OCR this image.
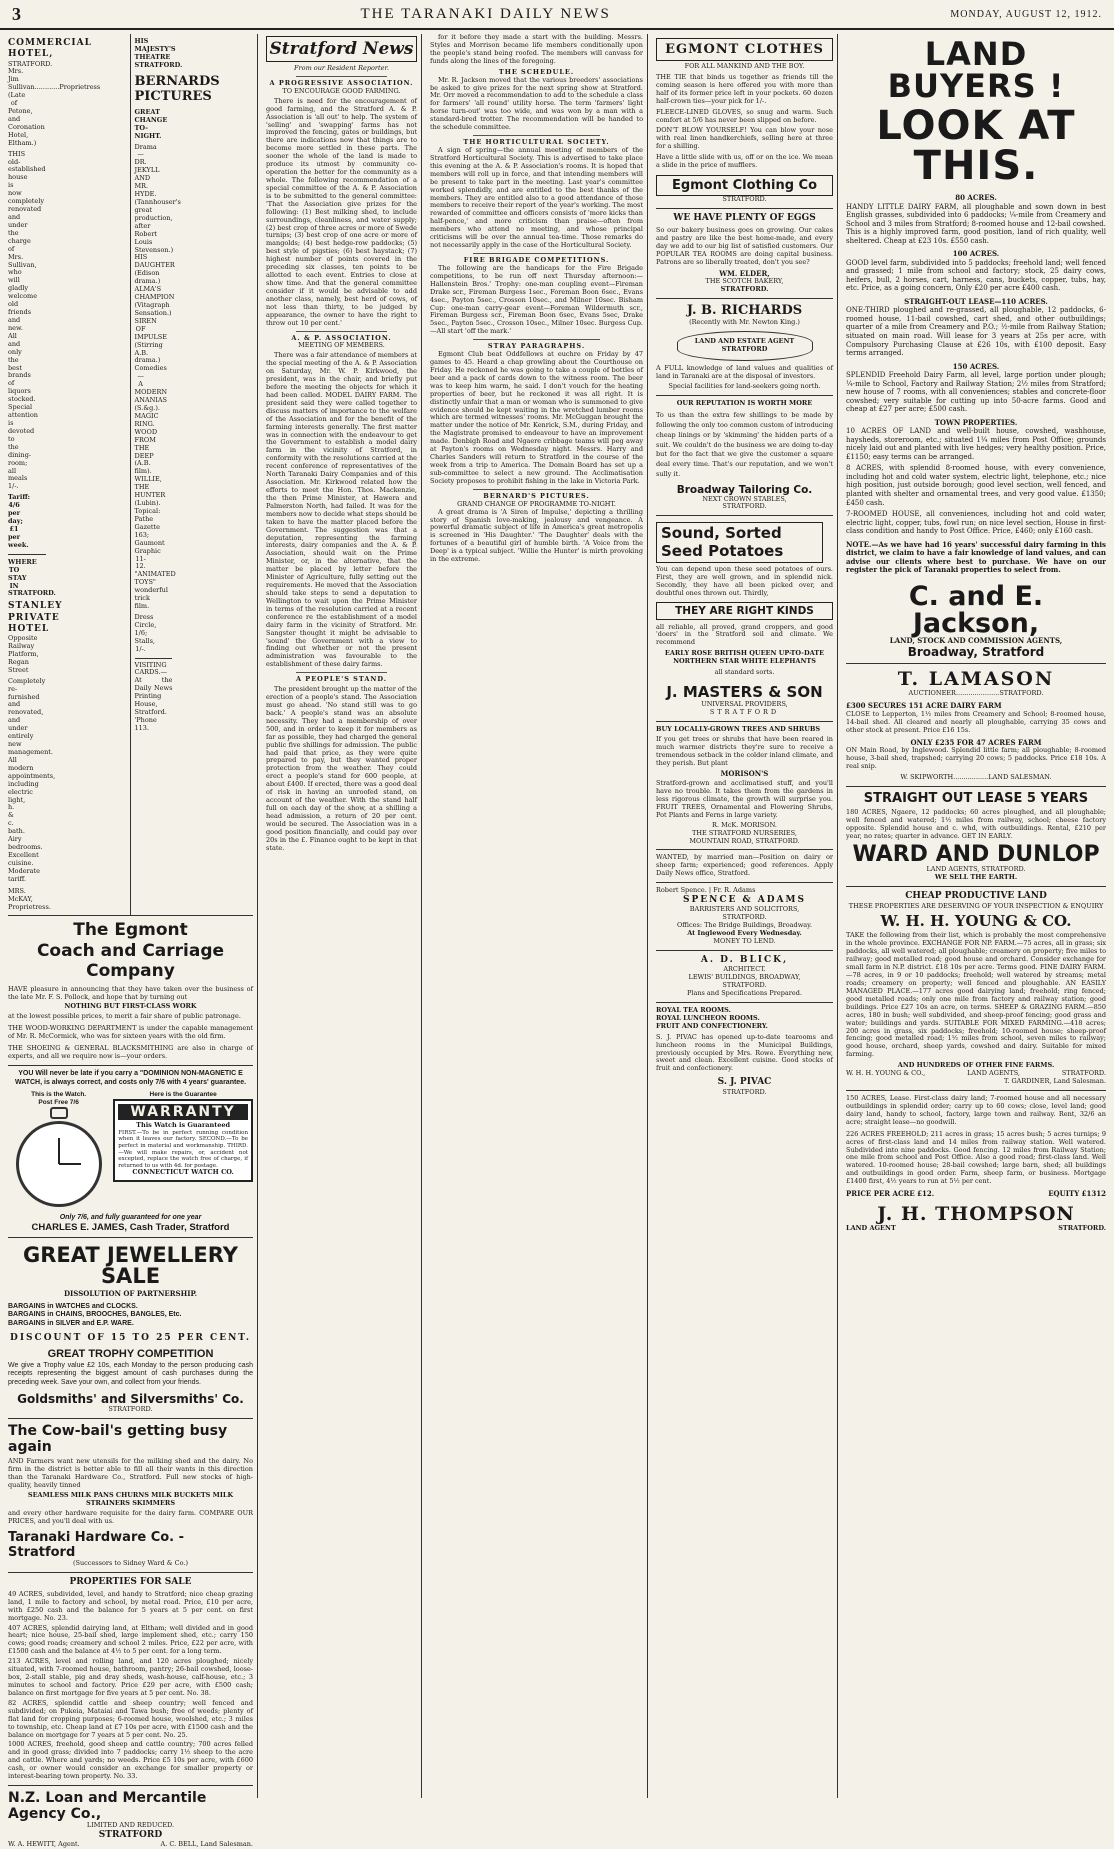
3	THE TARANAKI DAILY NEWS	MONDAY, AUGUST 12, 1912.
COMMERCIAL HOTEL,
STRATFORD.
Mrs. Jim Sullivan............Proprietress
(Late of Petone, and Coronation Hotel, Eltham.)
THIS old-established house is now completely renovated and under the charge of Mrs. Sullivan, who will gladly welcome old friends and new. All and only the best brands of liquors stocked. Special attention is devoted to the dining-room; all meals 1/-.
Tariff: 4/6 per day; £1 per week.
WHERE TO STAY IN STRATFORD.
STANLEY PRIVATE HOTEL
Opposite Railway Platform, Regan Street
Completely re-furnished and renovated, and under entirely new management. All modern appointments, including electric light, h. & c. bath. Airy bedrooms. Excellent cuisine. Moderate tariff.
MRS. McKAY, Proprietress.
HIS MAJESTY'S THEATRE STRATFORD.
BERNARDS PICTURES
GREAT CHANGE TO-NIGHT.
Drama— DR. JEKYLL AND MR. HYDE. (Tannhouser's great production, after Robert Louis Stevenson.) HIS DAUGHTER (Edison drama.) ALMA'S CHAMPION (Vitagraph Sensation.) SIREN OF IMPULSE (Stirring A.B. drama.) Comedies— A MODERN ANANIAS (S.&g.). MAGIC RING. WOOD FROM THE DEEP (A.B. film). WILLIE, THE HUNTER (Lubin). Topical: Pathe Gazette 163; Gaumont Graphic 11-12. "ANIMATED TOYS" wonderful trick film.
Dress Circle, 1/6; Stalls, 1/-.
VISITING CARDS.—At the Daily News Printing House, Stratford. 'Phone 113.
The Egmont
Coach and Carriage Company
HAVE pleasure in announcing that they have taken over the business of the late Mr. F. S. Pollock, and hope that by turning out
NOTHING BUT FIRST-CLASS WORK
at the lowest possible prices, to merit a fair share of public patronage.
THE WOOD-WORKING DEPARTMENT is under the capable management of Mr. R. McCormick, who was for sixteen years with the old firm.
THE SHOEING & GENERAL BLACKSMITHING are also in charge of experts, and all we require now is—your orders.
YOU Will never be late if you carry a "DOMINION NON-MAGNETIC E WATCH, is always correct, and costs only 7/6 with 4 years' guarantee.
This is the Watch.
Post Free 7/6
Here is the Guarantee
WARRANTY
This Watch is Guaranteed
FIRST.—To be in perfect running condition when it leaves our factory. SECOND.—To be perfect in material and workmanship. THIRD.—We will make repairs, or, accident not excepted, replace the watch free of charge, if returned to us with 4d. for postage.
CONNECTICUT WATCH CO.
Only 7/6, and fully guaranteed for one year
CHARLES E. JAMES, Cash Trader, Stratford
GREAT JEWELLERY SALE
DISSOLUTION OF PARTNERSHIP.
BARGAINS in WATCHES and CLOCKS.
BARGAINS in CHAINS, BROOCHES, BANGLES, Etc.
BARGAINS in SILVER and E.P. WARE.
DISCOUNT OF 15 TO 25 PER CENT.
GREAT TROPHY COMPETITION
We give a Trophy value £2 10s, each Monday to the person producing cash receipts representing the biggest amount of cash purchases during the preceding week. Save your own, and collect from your friends.
Goldsmiths' and Silversmiths' Co.
STRATFORD.
The Cow-bail's getting busy again
AND Farmers want new utensils for the milking shed and the dairy. No firm in the district is better able to fill all their wants in this direction than the Taranaki Hardware Co., Stratford. Full new stocks of high-quality, heavily tinned
SEAMLESS MILK PANS CHURNS MILK BUCKETS MILK STRAINERS SKIMMERS
and every other hardware requisite for the dairy farm. COMPARE OUR PRICES, and you'll deal with us.
Taranaki Hardware Co. - Stratford
(Successors to Sidney Ward & Co.)
PROPERTIES FOR SALE
49 ACRES, subdivided, level, and handy to Stratford; nice cheap grazing land, 1 mile to factory and school, by metal road. Price, £10 per acre, with £250 cash and the balance for 5 years at 5 per cent. on first mortgage. No. 23.
407 ACRES, splendid dairying land, at Eltham; well divided and in good heart; nice house, 25-bail shed, large implement shed, etc.; carry 150 cows; good roads; creamery and school 2 miles. Price, £22 per acre, with £1500 cash and the balance at 4½ to 5 per cent. for a long term.
213 ACRES, level and rolling land, and 120 acres ploughed; nicely situated, with 7-roomed house, bathroom, pantry; 26-bail cowshed, loose-box, 2-stall stable, pig and dray sheds, wash-house, calf-house, etc.; 3 minutes to school and factory. Price £29 per acre, with £500 cash; balance on first mortgage for five years at 5 per cent. No. 38.
82 ACRES, splendid cattle and sheep country; well fenced and subdivided; on Pukeia, Mataiai and Tawa bush; free of weeds; plenty of flat land for cropping purposes; 6-roomed house, woolshed, etc.; 3 miles to township, etc. Cheap land at £7 10s per acre, with £1500 cash and the balance on mortgage for 7 years at 5 per cent. No. 25.
1000 ACRES, freehold, good sheep and cattle country; 700 acres felled and in good grass; divided into 7 paddocks; carry 1½ sheep to the acre and cattle. Where and yards; no weeds. Price £5 10s per acre, with £600 cash, or owner would consider an exchange for smaller property or interest-bearing town property. No. 33.
N.Z. Loan and Mercantile Agency Co.,
LIMITED AND REDUCED.
STRATFORD
W. A. HEWITT, Agent.	A. C. BELL, Land Salesman.
Stratford News
From our Resident Reporter.
A PROGRESSIVE ASSOCIATION.
TO ENCOURAGE GOOD FARMING.
There is need for the encouragement of good farming, and the Stratford A. & P. Association is 'all out' to help. The system of 'selling' and 'swapping' farms has not improved the fencing, gates or buildings, but there are indications now that things are to become more settled in these parts. The sooner the whole of the land is made to produce its utmost by community co-operation the better for the community as a whole. The following recommendation of a special committee of the A. & P. Association is to be submitted to the general committee: 'That the Association give prizes for the following: (1) Best milking shed, to include surroundings, cleanliness, and water supply; (2) best crop of three acres or more of Swede turnips; (3) best crop of one acre or more of mangolds; (4) best hedge-row paddocks; (5) best style of pigsties; (6) best haystack; (7) highest number of points covered in the preceding six classes, ten points to be allotted to each event. Entries to close at show time. And that the general committee consider if it would be advisable to add another class, namely, best herd of cows, of not less than thirty, to be judged by appearance, the owner to have the right to throw out 10 per cent.'
A. & P. ASSOCIATION.
MEETING OF MEMBERS.
There was a fair attendance of members at the special meeting of the A. & P. Association on Saturday, Mr. W. P. Kirkwood, the president, was in the chair, and briefly put before the meeting the objects for which it had been called. MODEL DAIRY FARM. The president said they were called together to discuss matters of importance to the welfare of the Association and for the benefit of the farming interests generally. The first matter was in connection with the endeavour to get the Government to establish a model dairy farm in the vicinity of Stratford, in conformity with the resolutions carried at the recent conference of representatives of the North Taranaki Dairy Companies and of this Association. Mr. Kirkwood related how the efforts to meet the Hon. Thos. Mackenzie, the then Prime Minister, at Hawera and Palmerston North, had failed. It was for the members now to decide what steps should be taken to have the matter placed before the Government. The suggestion was that a deputation, representing the farming interests, dairy companies and the A. & P. Association, should wait on the Prime Minister, or, in the alternative, that the matter be placed by letter before the Minister of Agriculture, fully setting out the requirements. He moved that the Association should take steps to send a deputation to Wellington to wait upon the Prime Minister in terms of the resolution carried at a recent conference re the establishment of a model dairy farm in the vicinity of Stratford. Mr. Sangster thought it might be advisable to 'sound' the Government with a view to finding out whether or not the present administration was favourable to the establishment of these dairy farms.
A PEOPLE'S STAND.
The president brought up the matter of the erection of a people's stand. The Association must go ahead. 'No stand still was to go back.' A people's stand was an absolute necessity. They had a membership of over 500, and in order to keep it for members as far as possible, they had charged the general public five shillings for admission. The public had paid that price, as they were quite prepared to pay, but they wanted proper protection from the weather. They could erect a people's stand for 600 people, at about £400. If erected, there was a good deal of risk in having an unroofed stand, on account of the weather. With the stand half full on each day of the show, at a shilling a head admission, a return of 20 per cent. would be secured. The Association was in a good position financially, and could pay over 20s in the £. Finance ought to be kept in that state.
for it before they made a start with the building. Messrs. Styles and Morrison became life members conditionally upon the people's stand being roofed. The members will canvass for funds along the lines of the foregoing.
THE SCHEDULE.
Mr. R. Jackson moved that the various breeders' associations be asked to give prizes for the next spring show at Stratford. Mr. Orr moved a recommendation to add to the schedule a class for farmers' 'all round' utility horse. The term 'farmers' light horse turn-out' was too wide, and was won by a man with a standard-bred trotter. The recommendation will be handed to the schedule committee.
THE HORTICULTURAL SOCIETY.
A sign of spring—the annual meeting of members of the Stratford Horticultural Society. This is advertised to take place this evening at the A. & P. Association's rooms. It is hoped that members will roll up in force, and that intending members will be present to take part in the meeting. Last year's committee worked splendidly, and are entitled to the best thanks of the members. They are entitled also to a good attendance of those members to receive their report of the year's working. The most rewarded of committee and officers consists of 'more kicks than half-pence,' and more criticism than praise—often from members who attend no meeting, and whose principal criticisms will be over the annual tea-time. Those remarks do not necessarily apply in the case of the Horticultural Society.
FIRE BRIGADE COMPETITIONS.
The following are the handicaps for the Fire Brigade competitions, to be run off next Thursday afternoon:— Hallenstein Bros.' Trophy: one-man coupling event—Fireman Drake scr., Fireman Burgess 1sec., Foreman Boon 6sec., Evans 4sec., Payton 5sec., Crosson 10sec., and Milner 10sec. Bisham Cup: one-man carry-gear event—Foreman Wildermuth scr., Fireman Burgess scr., Fireman Boon 6sec, Evans 5sec, Drake 5sec., Payton 5sec., Crosson 10sec., Milner 10sec. Burgess Cup.—All start 'off the mark.'
STRAY PARAGRAPHS.
Egmont Club beat Oddfellows at euchre on Friday by 47 games to 45. Heard a chap growling about the Courthouse on Friday. He reckoned he was going to take a couple of bottles of beer and a pack of cards down to the witness room. The beer was to keep him warm, he said. I don't vouch for the heating properties of beer, but he reckoned it was all right. It is distinctly unfair that a man or woman who is summoned to give evidence should be kept waiting in the wretched lumber rooms which are termed witnesses' rooms. Mr. McGuggan brought the matter under the notice of Mr. Kenrick, S.M., during Friday, and the Magistrate promised to endeavour to have an improvement made. Denbigh Road and Ngaere cribbage teams will peg away at Payton's rooms on Wednesday night. Messrs. Harry and Charles Sanders will return to Stratford in the course of the week from a trip to America. The Domain Board has set up a sub-committee to select a new ground. The Acclimatisation Society proposes to prohibit fishing in the lake in Victoria Park.
BERNARD'S PICTURES.
GRAND CHANGE OF PROGRAMME TO-NIGHT.
A great drama is 'A Siren of Impulse,' depicting a thrilling story of Spanish love-making, jealousy and vengeance. A powerful dramatic subject of life in America's great metropolis is screened in 'His Daughter.' 'The Daughter' deals with the fortunes of a beautiful girl of humble birth. 'A Voice from the Deep' is a typical subject. 'Willie the Hunter' is mirth provoking in the extreme.
EGMONT CLOTHES
FOR ALL MANKIND AND THE BOY.
THE TIE that binds us together as friends till the coming season is here offered you with more than half of its former price left in your pockets. 60 dozen half-crown ties—your pick for 1/-.
FLEECE-LINED GLOVES, so snug and warm. Such comfort at 5/6 has never been slipped on before.
DON'T BLOW YOURSELF! You can blow your nose with real linen handkerchiefs, selling here at three for a shilling.
Have a little slide with us, off or on the ice. We mean a slide in the price of mufflers.
Egmont Clothing Co
STRATFORD.
WE HAVE PLENTY OF EGGS
So our bakery business goes on growing. Our cakes and pastry are like the best home-made, and every day we add to our big list of satisfied customers. Our POPULAR TEA ROOMS are doing capital business. Patrons are so liberally treated, don't you see?
WM. ELDER,
THE SCOTCH BAKERY,
STRATFORD.
J. B. RICHARDS
(Recently with Mr. Newton King.)
LAND AND ESTATE AGENT STRATFORD
A FULL knowledge of land values and qualities of land in Taranaki are at the disposal of investors.
Special facilities for land-seekers going north.
OUR REPUTATION IS WORTH MORE
To us than the extra few shillings to be made by following the only too common custom of introducing cheap linings or by 'skimming' the hidden parts of a suit. We couldn't do the business we are doing to-day but for the fact that we give the customer a square deal every time. That's our reputation, and we won't sully it.
Broadway Tailoring Co.
NEXT CROWN STABLES,
STRATFORD.
Sound, Sorted
Seed Potatoes
You can depend upon these seed potatoes of ours. First, they are well grown, and in splendid nick. Secondly, they have all been picked over, and doubtful ones thrown out. Thirdly,
THEY ARE RIGHT KINDS
all reliable, all proved, grand croppers, and good 'doers' in the Stratford soil and climate. We recommend
EARLY ROSE BRITISH QUEEN UP-TO-DATE NORTHERN STAR WHITE ELEPHANTS
all standard sorts.
J. MASTERS & SON
UNIVERSAL PROVIDERS,
STRATFORD
BUY LOCALLY-GROWN TREES AND SHRUBS
If you get trees or shrubs that have been reared in much warmer districts they're sure to receive a tremendous setback in the colder inland climate, and they perish. But plant
MORISON'S
Stratford-grown and acclimatised stuff, and you'll have no trouble. It takes them from the gardens in less rigorous climate, the growth will surprise you. FRUIT TREES, Ornamental and Flowering Shrubs, Pot Plants and Ferns in large variety.
R. McK. MORISON.
THE STRATFORD NURSERIES,
MOUNTAIN ROAD, STRATFORD.
WANTED, by married man—Position on dairy or sheep farm; experienced; good references. Apply Daily News office, Stratford.
Robert Spence. | Fr. R. Adams
SPENCE & ADAMS
BARRISTERS AND SOLICITORS,
STRATFORD.
Offices: The Bridge Buildings, Broadway.
At Inglewood Every Wednesday.
MONEY TO LEND.
A. D. BLICK,
ARCHITECT.
LEWIS' BUILDINGS, BROADWAY,
STRATFORD.
Plans and Specifications Prepared.
ROYAL TEA ROOMS.
ROYAL LUNCHEON ROOMS.
FRUIT AND CONFECTIONERY.
S. J. PIVAC has opened up-to-date tearooms and luncheon rooms in the Municipal Buildings, previously occupied by Mrs. Rowe. Everything new, sweet and clean. Excellent cuisine. Good stocks of fruit and confectionery.
S. J. PIVAC
STRATFORD.
LAND BUYERS !
LOOK AT THIS.
80 ACRES.
HANDY LITTLE DAIRY FARM, all ploughable and sown down in best English grasses, subdivided into 6 paddocks; ¼-mile from Creamery and School and 3 miles from Stratford; 8-roomed house and 12-bail cowshed. This is a highly improved farm, good position, land of rich quality, well sheltered. Cheap at £23 10s. £550 cash.
100 ACRES.
GOOD level farm, subdivided into 5 paddocks; freehold land; well fenced and grassed; 1 mile from school and factory; stock, 25 dairy cows, heifers, bull, 2 horses, cart, harness, cans, buckets, copper, tubs, hay, etc. Price, as a going concern, Only £20 per acre £400 cash.
STRAIGHT-OUT LEASE—110 ACRES.
ONE-THIRD ploughed and re-grassed, all ploughable, 12 paddocks, 6-roomed house, 11-bail cowshed, cart shed, and other outbuildings; quarter of a mile from Creamery and P.O.; ½-mile from Railway Station; situated on main road. Will lease for 3 years at 25s per acre, with Compulsory Purchasing Clause at £26 10s, with £100 deposit. Easy terms arranged.
150 ACRES.
SPLENDID Freehold Dairy Farm, all level, large portion under plough; ¼-mile to School, Factory and Railway Station; 2½ miles from Stratford; new house of 7 rooms, with all conveniences; stables and concrete-floor cowshed; very suitable for cutting up into 50-acre farms. Good and cheap at £27 per acre; £500 cash.
TOWN PROPERTIES.
10 ACRES OF LAND and well-built house, cowshed, washhouse, haysheds, storeroom, etc.; situated 1¼ miles from Post Office; grounds nicely laid out and planted with live hedges; very healthy position. Price, £1150; easy terms can be arranged.
8 ACRES, with splendid 8-roomed house, with every convenience, including hot and cold water system, electric light, telephone, etc.; nice high position, just outside borough; good level section, well fenced, and planted with shelter and ornamental trees, and very good value. £1350; £450 cash.
7-ROOMED HOUSE, all conveniences, including hot and cold water, electric light, copper, tubs, fowl run; on nice level section, House in first-class condition and handy to Post Office. Price, £460; only £160 cash.
NOTE.—As we have had 16 years' successful dairy farming in this district, we claim to have a fair knowledge of land values, and can advise our clients where best to purchase. We have on our register the pick of Taranaki properties to select from.
C. and E. Jackson,
LAND, STOCK AND COMMISSION AGENTS,
Broadway, Stratford
T. LAMASON
AUCTIONEER.....................STRATFORD.
£300 SECURES 151 ACRE DAIRY FARM
CLOSE to Lepperton, 1½ miles from Creamery and School; 8-roomed house, 14-bail shed. All cleared and nearly all ploughable, carrying 35 cows and other stock at present. Price £16 15s.
ONLY £235 FOR 47 ACRES FARM
ON Main Road, by Inglewood. Splendid little farm; all ploughable; 8-roomed house, 3-bail shed, trapshed; carrying 20 cows; 5 paddocks. Price £18 10s. A real snip.
W. SKIPWORTH.................LAND SALESMAN.
STRAIGHT OUT LEASE 5 YEARS
180 ACRES, Ngaere, 12 paddocks; 60 acres ploughed, and all ploughable; well fenced and watered; 1½ miles from railway, school; cheese factory opposite. Splendid house and c. whd, with outbuildings. Rental, £210 per year, no rates; quarter in advance. GET IN EARLY.
WARD AND DUNLOP
LAND AGENTS, STRATFORD.
WE SELL THE EARTH.
CHEAP PRODUCTIVE LAND
THESE PROPERTIES ARE DESERVING OF YOUR INSPECTION & ENQUIRY
W. H. H. YOUNG & CO.
TAKE the following from their list, which is probably the most comprehensive in the whole province. EXCHANGE FOR NP. FARM.—75 acres, all in grass; six paddocks, all well watered; all ploughable; creamery on property; five miles to railway; good metalled road; good house and orchard. Consider exchange for small farm in N.P. district. £18 10s per acre. Terms good. FINE DAIRY FARM.—78 acres, in 9 or 10 paddocks; freehold; well watered by streams; metal roads; creamery on property; well fenced and ploughable. AN EASILY MANAGED PLACE.—177 acres good dairying land; freehold; ring fenced; good metalled roads; only one mile from factory and railway station; good buildings. Price £27 10s an acre, on terms. SHEEP & GRAZING FARM.—850 acres, 180 in bush; well subdivided, and sheep-proof fencing; good grass and water; buildings and yards. SUITABLE FOR MIXED FARMING.—418 acres; 200 acres in grass, six paddocks; freehold; 10-roomed house; sheep-proof fencing; good metalled road; 1½ miles from school, seven miles to railway; good house, orchard, sheep yards, cowshed and dairy. Suitable for mixed farming.
AND HUNDREDS OF OTHER FINE FARMS.
W. H. H. YOUNG & CO.,	LAND AGENTS,	STRATFORD.
T. GARDINER, Land Salesman.
150 ACRES, Lease. First-class dairy land; 7-roomed house and all necessary outbuildings in splendid order; carry up to 60 cows; close, level land; good dairy land, handy to school, factory, large town and railway. Rent, 32/6 an acre; straight lease—no goodwill.
226 ACRES FREEHOLD; 211 acres in grass; 15 acres bush; 5 acres turnips; 9 acres of first-class land and 14 miles from railway station. Well watered. Subdivided into nine paddocks. Good fencing. 12 miles from Railway Station; one mile from school and Post Office. Also a good road; first-class land. Well watered. 10-roomed house; 28-bail cowshed; large barn, shed; all buildings and outbuildings in good order. Farm, sheep farm, or business. Mortgage £1400 first, 4½ years to run at 5½ per cent.
PRICE PER ACRE £12.	EQUITY £1312
J. H. THOMPSON
LAND AGENT	STRATFORD.
